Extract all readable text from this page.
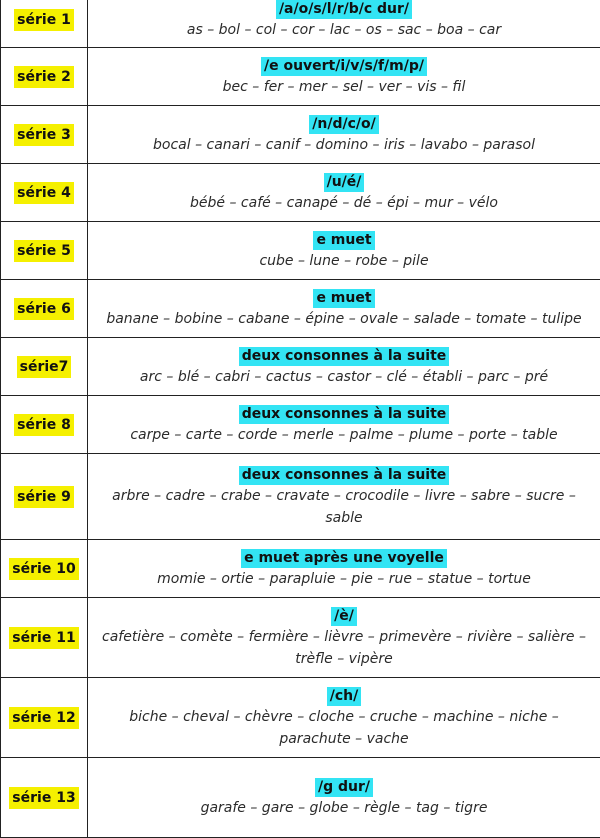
série 1	/a/o/s/l/r/b/c dur/
as – bol – col – cor – lac – os – sac – boa – car

série 2	/e ouvert/i/v/s/f/m/p/
bec – fer – mer – sel – ver – vis – fil

série 3	/n/d/c/o/
bocal – canari – canif – domino – iris – lavabo – parasol

série 4	/u/é/
bébé – café – canapé – dé – épi – mur – vélo

série 5	e muet
cube – lune – robe – pile

série 6	e muet
banane – bobine – cabane – épine – ovale – salade – tomate – tulipe

série7	deux consonnes à la suite
arc – blé – cabri – cactus – castor – clé – établi – parc – pré

série 8	deux consonnes à la suite
carpe – carte – corde – merle – palme – plume – porte – table

série 9	deux consonnes à la suite
arbre – cadre – crabe – cravate – crocodile – livre – sabre – sucre – sable

série 10	e muet après une voyelle
momie – ortie – parapluie – pie – rue – statue – tortue

série 11	/è/
cafetière – comète – fermière – lièvre – primevère – rivière – salière – trèfle – vipère

série 12	/ch/
biche – cheval – chèvre – cloche – cruche – machine – niche – parachute – vache

série 13	/g dur/
garafe – gare – globe – règle – tag – tigre
